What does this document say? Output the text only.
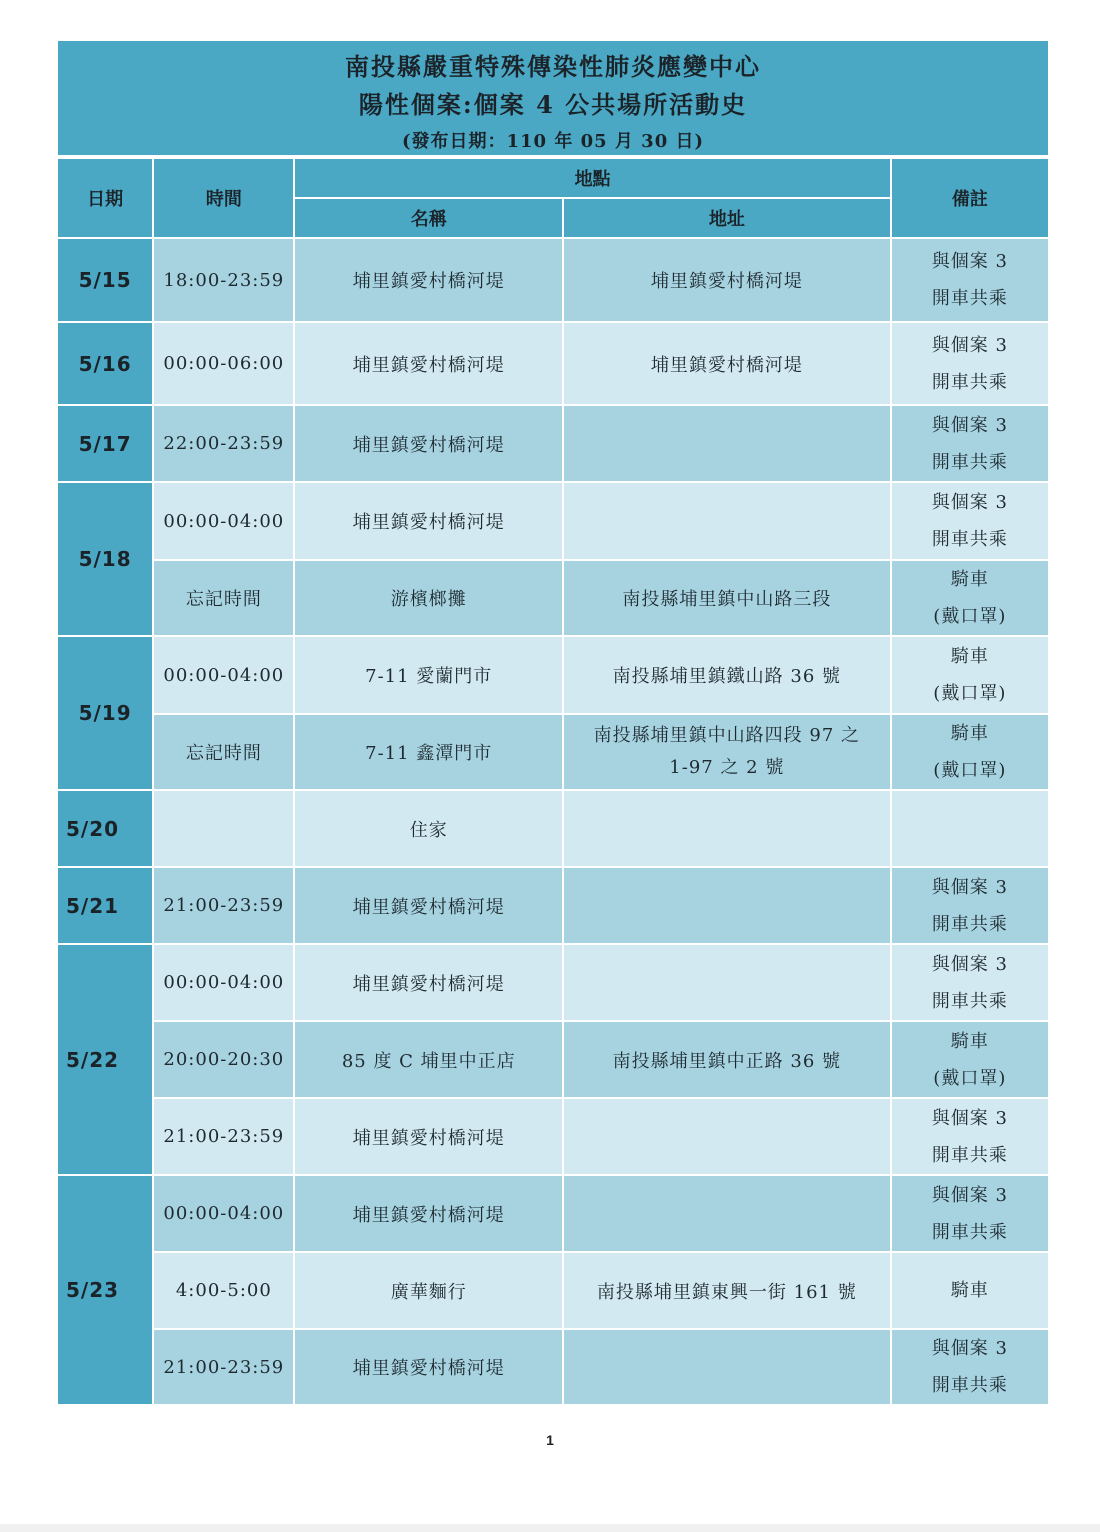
南投縣嚴重特殊傳染性肺炎應變中心
陽性個案:個案 4 公共場所活動史
(發布日期：110 年 05 月 30 日)
日期	時間	地點		備註
		名稱	地址	
5/15	18:00-23:59	埔里鎮愛村橋河堤	埔里鎮愛村橋河堤	與個案 3
開車共乘
5/16	00:00-06:00	埔里鎮愛村橋河堤	埔里鎮愛村橋河堤	與個案 3
開車共乘
5/17	22:00-23:59	埔里鎮愛村橋河堤		與個案 3
開車共乘
5/18	00:00-04:00	埔里鎮愛村橋河堤		與個案 3
開車共乘
	忘記時間	游檳榔攤	南投縣埔里鎮中山路三段	騎車
(戴口罩)
5/19	00:00-04:00	7-11 愛蘭門市	南投縣埔里鎮鐵山路 36 號	騎車
(戴口罩)
	忘記時間	7-11 鑫潭門市	南投縣埔里鎮中山路四段 97 之
1-97 之 2 號	騎車
(戴口罩)
5/20		住家		
5/21	21:00-23:59	埔里鎮愛村橋河堤		與個案 3
開車共乘
5/22	00:00-04:00	埔里鎮愛村橋河堤		與個案 3
開車共乘
	20:00-20:30	85 度 C 埔里中正店	南投縣埔里鎮中正路 36 號	騎車
(戴口罩)
	21:00-23:59	埔里鎮愛村橋河堤		與個案 3
開車共乘
5/23	00:00-04:00	埔里鎮愛村橋河堤		與個案 3
開車共乘
	4:00-5:00	廣華麵行	南投縣埔里鎮東興一街 161 號	騎車
	21:00-23:59	埔里鎮愛村橋河堤		與個案 3
開車共乘
1
